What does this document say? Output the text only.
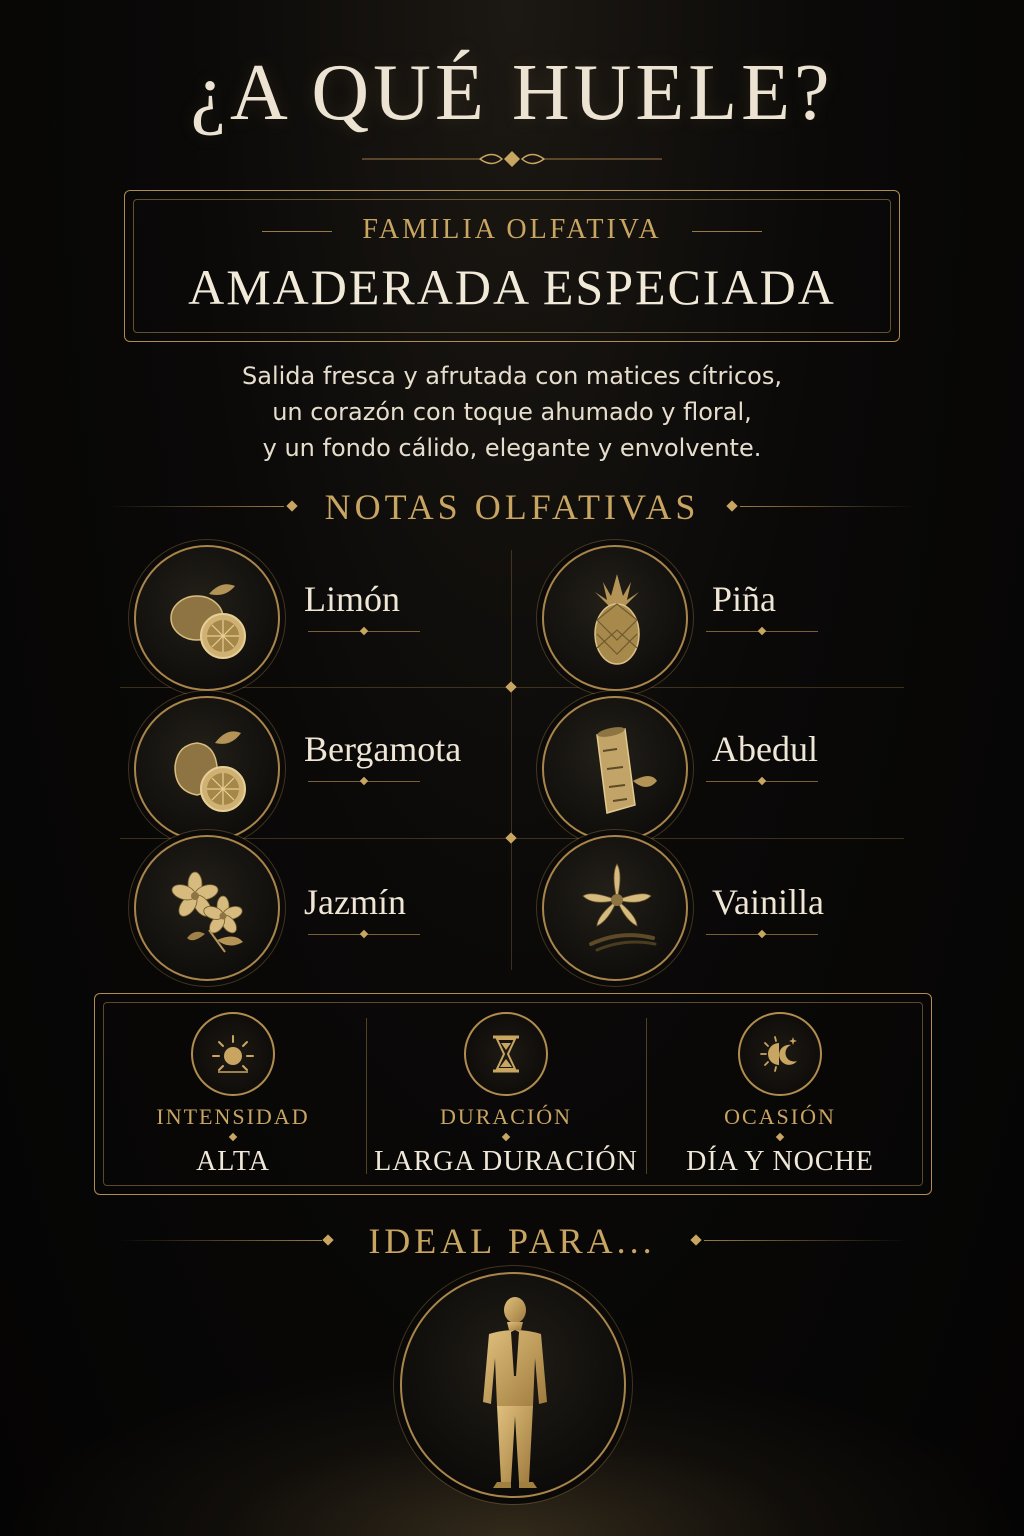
¿A QUÉ HUELE?
FAMILIA OLFATIVA
AMADERADA ESPECIADA
Salida fresca y afrutada con matices cítricos,
un corazón con toque ahumado y floral,
y un fondo cálido, elegante y envolvente.
NOTAS OLFATIVAS
Limón	Piña
Bergamota	Abedul
Jazmín	Vainilla
INTENSIDAD
ALTA
DURACIÓN
LARGA DURACIÓN
OCASIÓN
DÍA Y NOCHE
IDEAL PARA...
